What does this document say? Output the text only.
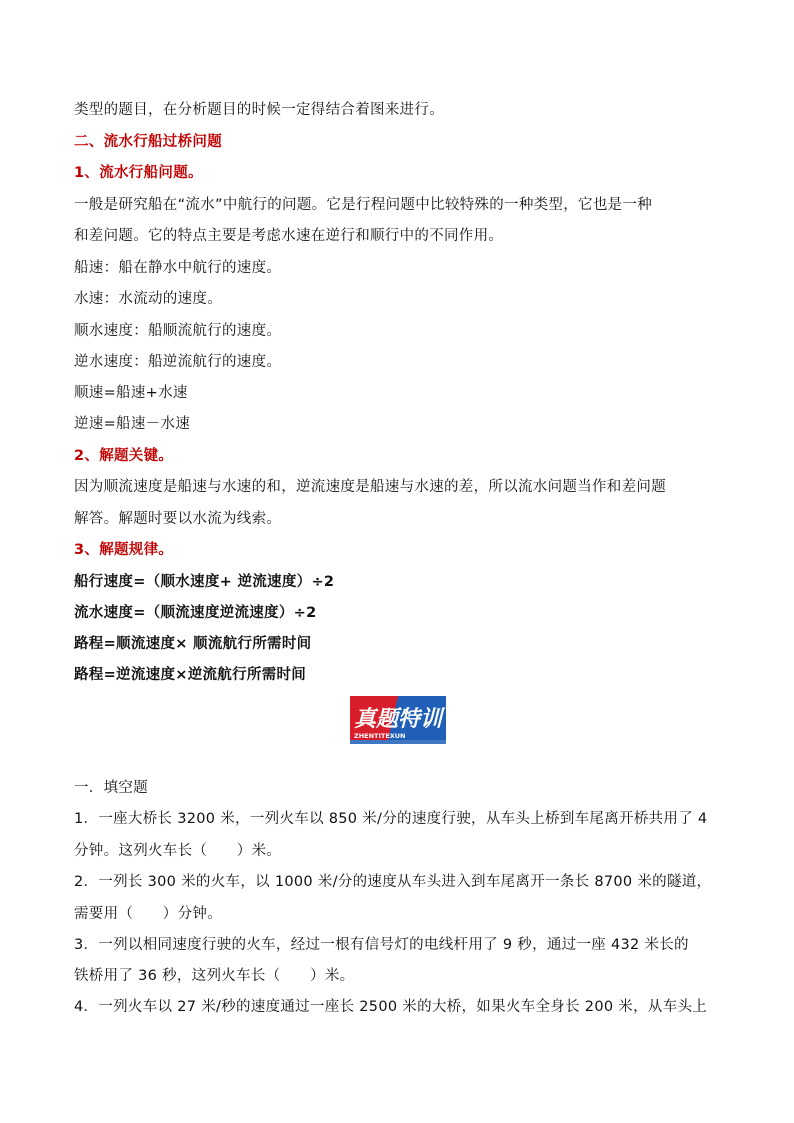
类型的题目，在分析题目的时候一定得结合着图来进行。
二、流水行船过桥问题
1、流水行船问题。
一般是研究船在“流水”中航行的问题。它是行程问题中比较特殊的一种类型，它也是一种
和差问题。它的特点主要是考虑水速在逆行和顺行中的不同作用。
船速：船在静水中航行的速度。
水速：水流动的速度。
顺水速度：船顺流航行的速度。
逆水速度：船逆流航行的速度。
顺速=船速+水速
逆速=船速－水速
2、解题关键。
因为顺流速度是船速与水速的和，逆流速度是船速与水速的差，所以流水问题当作和差问题
解答。解题时要以水流为线索。
3、解题规律。
船行速度=（顺水速度+ 逆流速度）÷2
流水速度=（顺流速度逆流速度）÷2
路程=顺流速度× 顺流航行所需时间
路程=逆流速度×逆流航行所需时间
真题特训
ZHENTITEXUN
一．填空题
1．一座大桥长 3200 米，一列火车以 850 米/分的速度行驶，从车头上桥到车尾离开桥共用了 4
分钟。这列火车长（　　）米。
2．一列长 300 米的火车，以 1000 米/分的速度从车头进入到车尾离开一条长 8700 米的隧道，
需要用（　　）分钟。
3．一列以相同速度行驶的火车，经过一根有信号灯的电线杆用了 9 秒，通过一座 432 米长的
铁桥用了 36 秒，这列火车长（　　）米。
4．一列火车以 27 米/秒的速度通过一座长 2500 米的大桥，如果火车全身长 200 米，从车头上
